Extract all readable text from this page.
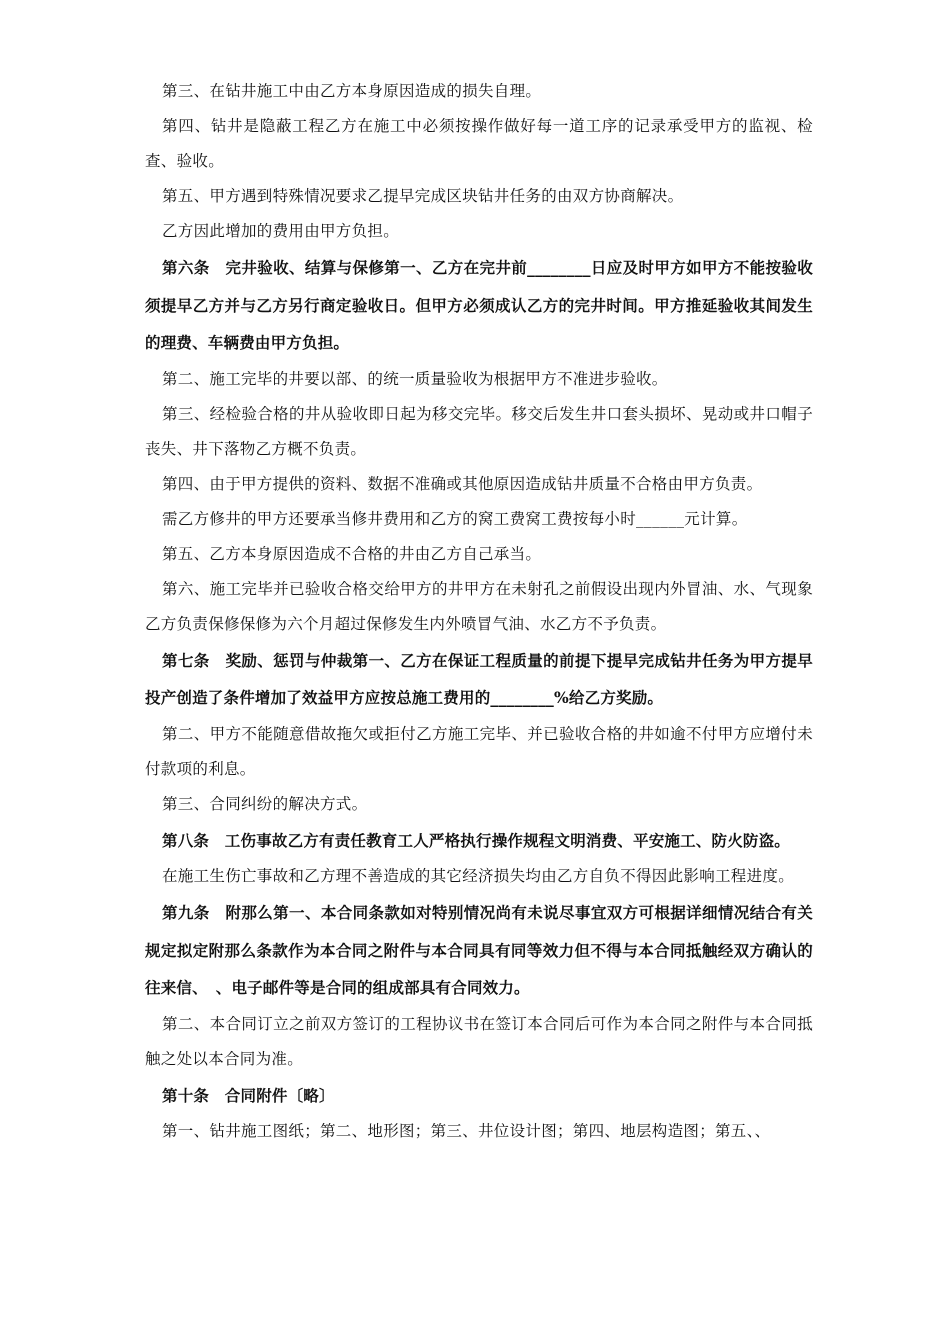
第三、在钻井施工中由乙方本身原因造成的损失自理。

第四、钻井是隐蔽工程乙方在施工中必须按操作做好每一道工序的记录承受甲方的监视、检查、验收。

第五、甲方遇到特殊情况要求乙提早完成区块钻井任务的由双方协商解决。

乙方因此增加的费用由甲方负担。

第六条　完井验收、结算与保修第一、乙方在完井前________日应及时甲方如甲方不能按验收须提早乙方并与乙方另行商定验收日。但甲方必须成认乙方的完井时间。甲方推延验收其间发生的理费、车辆费由甲方负担。

第二、施工完毕的井要以部、的统一质量验收为根据甲方不准进步验收。

第三、经检验合格的井从验收即日起为移交完毕。移交后发生井口套头损坏、晃动或井口帽子丧失、井下落物乙方概不负责。

第四、由于甲方提供的资料、数据不准确或其他原因造成钻井质量不合格由甲方负责。

需乙方修井的甲方还要承当修井费用和乙方的窝工费窝工费按每小时______元计算。

第五、乙方本身原因造成不合格的井由乙方自己承当。

第六、施工完毕并已验收合格交给甲方的井甲方在未射孔之前假设出现内外冒油、水、气现象乙方负责保修保修为六个月超过保修发生内外喷冒气油、水乙方不予负责。

第七条　奖励、惩罚与仲裁第一、乙方在保证工程质量的前提下提早完成钻井任务为甲方提早投产创造了条件增加了效益甲方应按总施工费用的________%给乙方奖励。

第二、甲方不能随意借故拖欠或拒付乙方施工完毕、并已验收合格的井如逾不付甲方应增付未付款项的利息。

第三、合同纠纷的解决方式。

第八条　工伤事故乙方有责任教育工人严格执行操作规程文明消费、平安施工、防火防盗。

在施工生伤亡事故和乙方理不善造成的其它经济损失均由乙方自负不得因此影响工程进度。

第九条　附那么第一、本合同条款如对特别情况尚有未说尽事宜双方可根据详细情况结合有关规定拟定附那么条款作为本合同之附件与本合同具有同等效力但不得与本合同抵触经双方确认的往来信、　、电子邮件等是合同的组成部具有合同效力。

第二、本合同订立之前双方签订的工程协议书在签订本合同后可作为本合同之附件与本合同抵触之处以本合同为准。

第十条　合同附件〔略〕

第一、钻井施工图纸；第二、地形图；第三、井位设计图；第四、地层构造图；第五、、
